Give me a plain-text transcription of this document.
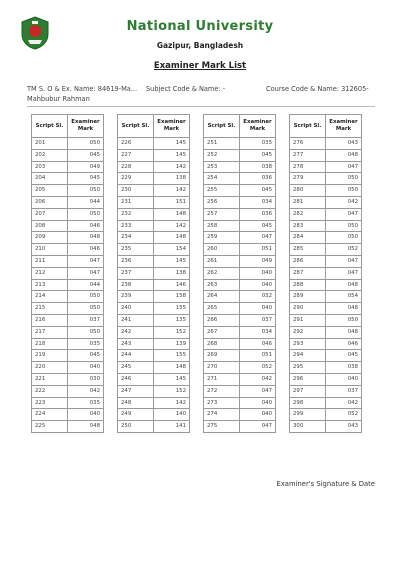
National University
Gazipur, Bangladesh
Examiner Mark List
TM S. O & Ex. Name: 84619-Ma... Subject Code & Name: -	Course Code & Name: 312605-
Mahbubur Rahman
Script Sl.	Examiner Mark
201	050
202	045
203	049
204	045
205	050
206	044
207	050
208	046
209	048
210	046
211	047
212	047
213	044
214	050
215	050
216	037
217	050
218	035
219	045
220	040
221	030
222	042
223	035
224	040
225	048
Script Sl.	Examiner Mark
226	145
227	145
228	142
229	138
230	142
231	151
232	148
233	142
234	148
235	154
236	145
237	138
238	146
239	158
240	155
241	135
242	152
243	139
244	155
245	148
246	145
247	152
248	142
249	140
250	141
Script Sl.	Examiner Mark
251	035
252	045
253	038
254	036
255	045
256	034
257	036
258	045
259	047
260	051
261	049
262	040
263	040
264	032
265	040
266	037
267	034
268	046
269	051
270	052
271	042
272	047
273	040
274	040
275	047
Script Sl.	Examiner Mark
276	043
277	048
278	047
279	050
280	050
281	042
282	047
283	050
284	050
285	052
286	047
287	047
288	048
289	054
290	048
291	050
292	048
293	046
294	045
295	038
296	040
297	037
298	042
299	052
300	043
Examiner's Signature & Date
